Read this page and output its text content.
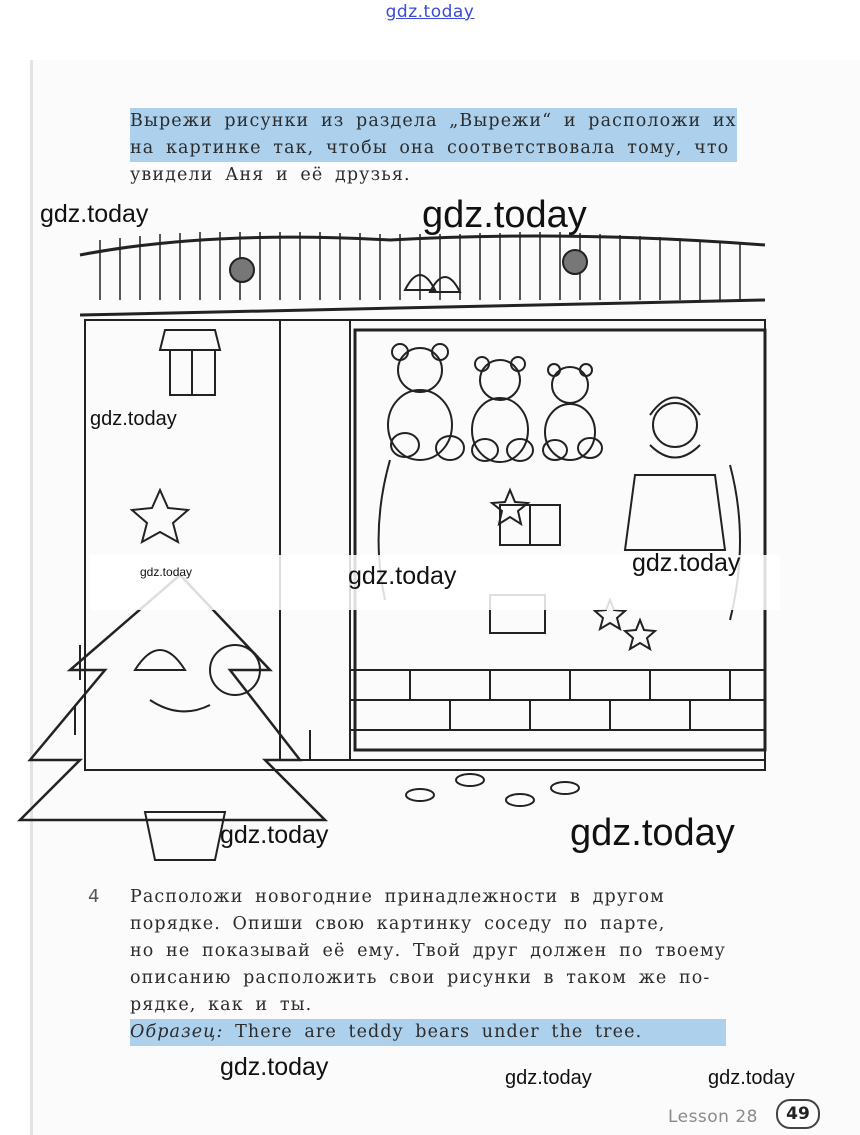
gdz.today
Вырежи рисунки из раздела „Вырежи“ и расположи их
на картинке так, чтобы она соответствовала тому, что
увидели Аня и её друзья.
4 Расположи новогодние принадлежности в другом
порядке. Опиши свою картинку соседу по парте,
но не показывай её ему. Твой друг должен по твоему
описанию расположить свои рисунки в таком же по-
рядке, как и ты.
Образец: There are teddy bears under the tree.
gdz.today	gdz.today
gdz.today
gdz.today	gdz.today	gdz.today
gdz.today	gdz.today
gdz.today	gdz.today	gdz.today
Lesson 28	49
